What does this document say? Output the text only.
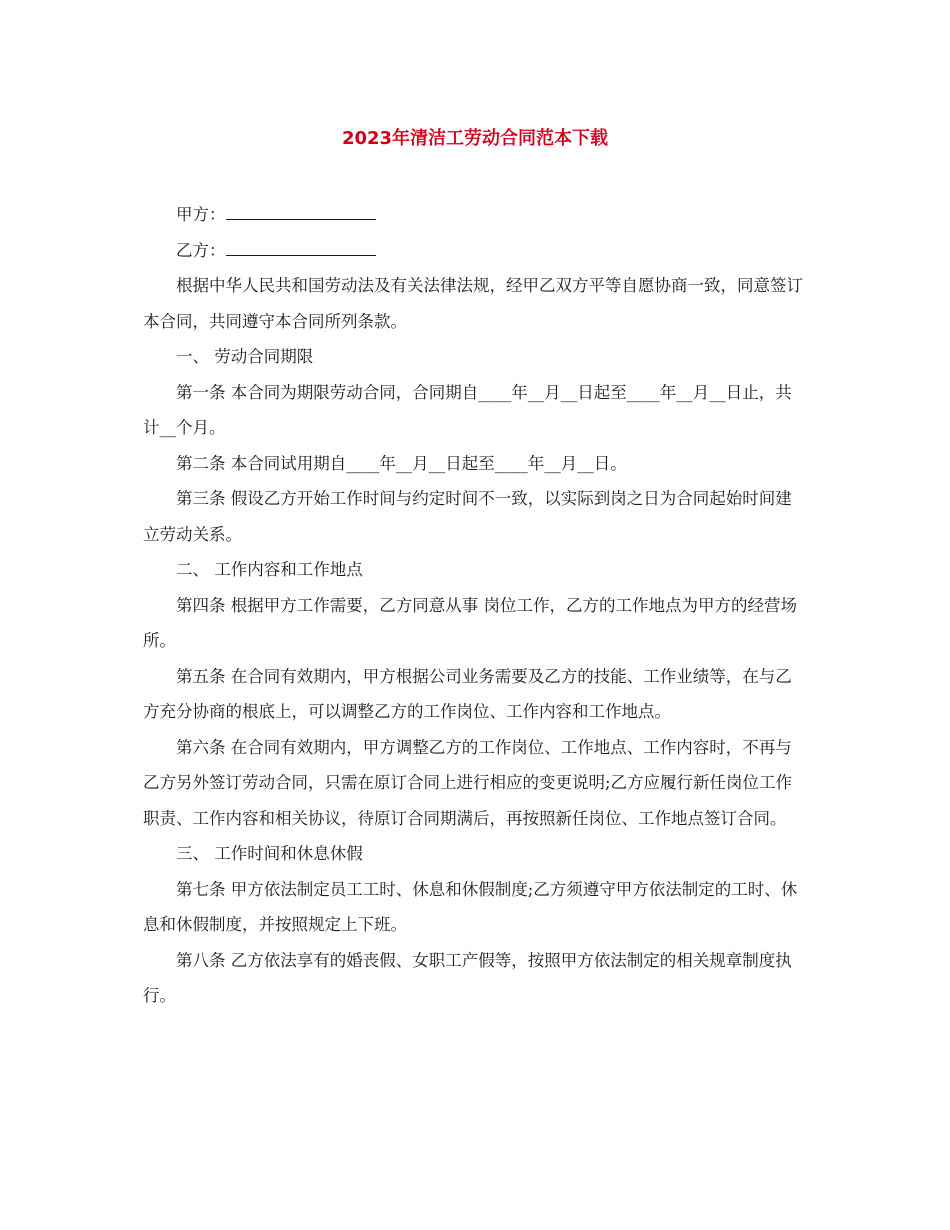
2023年清洁工劳动合同范本下载

甲方：

乙方：

根据中华人民共和国劳动法及有关法律法规，经甲乙双方平等自愿协商一致，同意签订本合同，共同遵守本合同所列条款。

一、 劳动合同期限

第一条 本合同为期限劳动合同，合同期自____年__月__日起至____年__月__日止，共计__个月。

第二条 本合同试用期自____年__月__日起至____年__月__日。

第三条 假设乙方开始工作时间与约定时间不一致，以实际到岗之日为合同起始时间建立劳动关系。

二、 工作内容和工作地点

第四条 根据甲方工作需要，乙方同意从事 岗位工作，乙方的工作地点为甲方的经营场所。

第五条 在合同有效期内，甲方根据公司业务需要及乙方的技能、工作业绩等，在与乙方充分协商的根底上，可以调整乙方的工作岗位、工作内容和工作地点。

第六条 在合同有效期内，甲方调整乙方的工作岗位、工作地点、工作内容时，不再与乙方另外签订劳动合同，只需在原订合同上进行相应的变更说明;乙方应履行新任岗位工作职责、工作内容和相关协议，待原订合同期满后，再按照新任岗位、工作地点签订合同。

三、 工作时间和休息休假

第七条 甲方依法制定员工工时、休息和休假制度;乙方须遵守甲方依法制定的工时、休息和休假制度，并按照规定上下班。

第八条 乙方依法享有的婚丧假、女职工产假等，按照甲方依法制定的相关规章制度执行。
